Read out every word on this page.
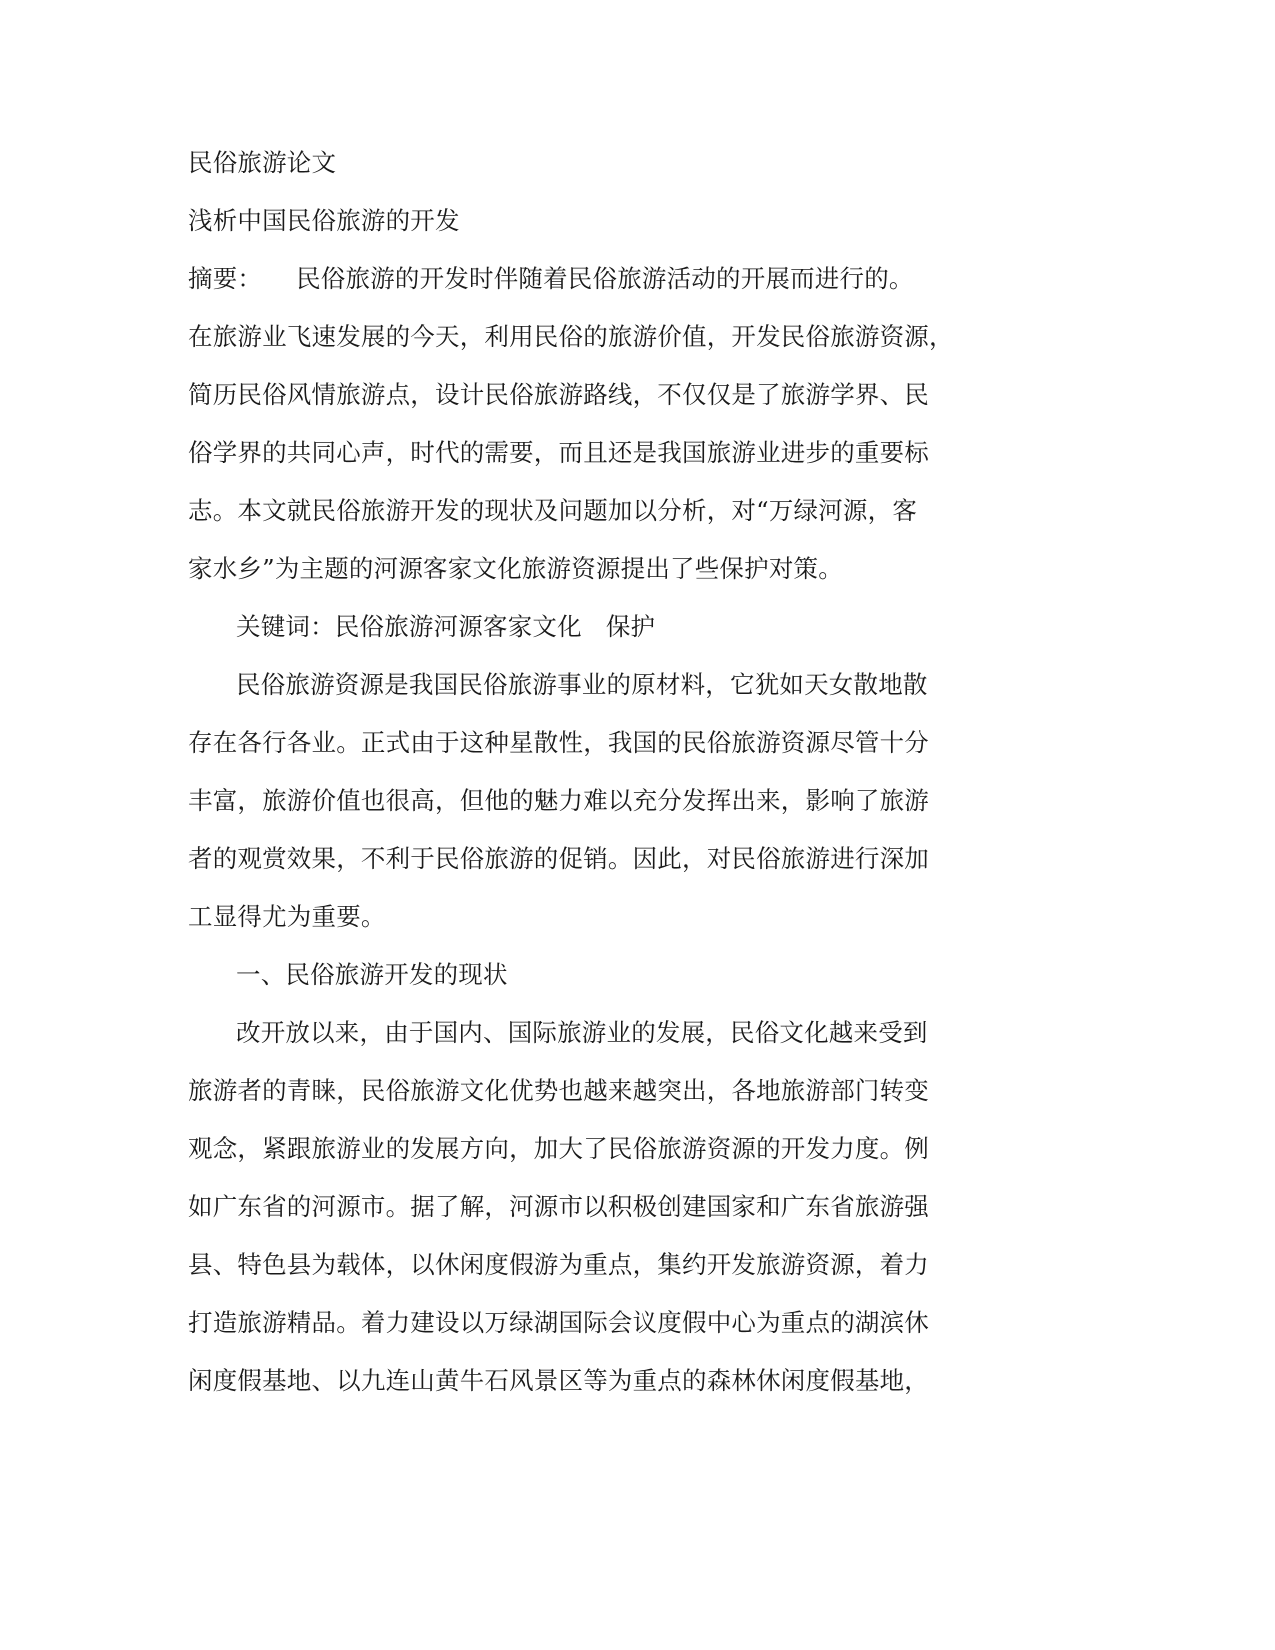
民俗旅游论文
浅析中国民俗旅游的开发
摘要： 民俗旅游的开发时伴随着民俗旅游活动的开展而进行的。
在旅游业飞速发展的今天，利用民俗的旅游价值，开发民俗旅游资源，
简历民俗风情旅游点，设计民俗旅游路线，不仅仅是了旅游学界、民
俗学界的共同心声，时代的需要，而且还是我国旅游业进步的重要标
志。本文就民俗旅游开发的现状及问题加以分析，对“万绿河源，客
家水乡”为主题的河源客家文化旅游资源提出了些保护对策。
关键词：民俗旅游河源客家文化 保护
民俗旅游资源是我国民俗旅游事业的原材料，它犹如天女散地散
存在各行各业。正式由于这种星散性，我国的民俗旅游资源尽管十分
丰富，旅游价值也很高，但他的魅力难以充分发挥出来，影响了旅游
者的观赏效果，不利于民俗旅游的促销。因此，对民俗旅游进行深加
工显得尤为重要。
一、民俗旅游开发的现状
改开放以来，由于国内、国际旅游业的发展，民俗文化越来受到
旅游者的青睐，民俗旅游文化优势也越来越突出，各地旅游部门转变
观念，紧跟旅游业的发展方向，加大了民俗旅游资源的开发力度。例
如广东省的河源市。据了解，河源市以积极创建国家和广东省旅游强
县、特色县为载体，以休闲度假游为重点，集约开发旅游资源，着力
打造旅游精品。着力建设以万绿湖国际会议度假中心为重点的湖滨休
闲度假基地、以九连山黄牛石风景区等为重点的森林休闲度假基地，
